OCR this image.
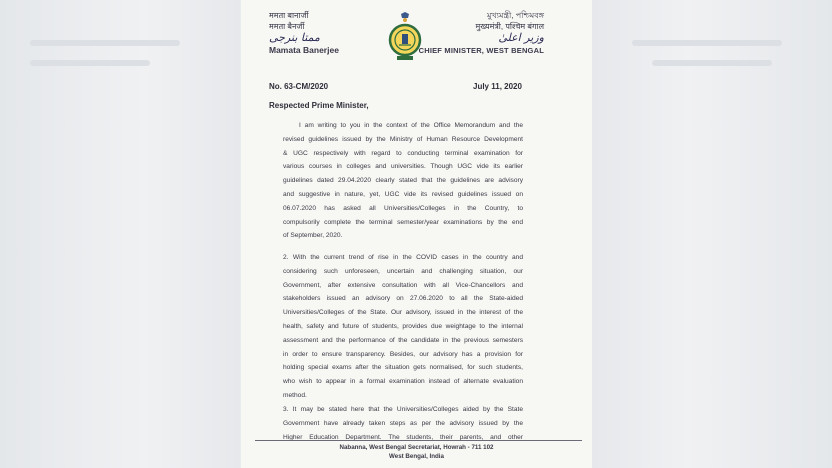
ममता बानार्जी
ममता बैनर्जी
ممتا بنرجی
Mamata Banerjee
মুখ্যমন্ত্রী, পশ্চিমবঙ্গ
मुख्यमंत्री, पश्चिम बंगाल
وزیر اعلیٰ
CHIEF MINISTER, WEST BENGAL
No. 63-CM/2020	July 11, 2020
Respected Prime Minister,
I am writing to you in the context of the Office Memorandum and the
revised guidelines issued by the Ministry of Human Resource Development
& UGC respectively with regard to conducting terminal examination for
various courses in colleges and universities. Though UGC vide its earlier
guidelines dated 29.04.2020 clearly stated that the guidelines are advisory
and suggestive in nature, yet, UGC vide its revised guidelines issued on
06.07.2020 has asked all Universities/Colleges in the Country, to
compulsorily complete the terminal semester/year examinations by the end
of September, 2020.
2. With the current trend of rise in the COVID cases in the country and
considering such unforeseen, uncertain and challenging situation, our
Government, after extensive consultation with all Vice-Chancellors and
stakeholders issued an advisory on 27.06.2020 to all the State-aided
Universities/Colleges of the State. Our advisory, issued in the interest of the
health, safety and future of students, provides due weightage to the internal
assessment and the performance of the candidate in the previous semesters
in order to ensure transparency. Besides, our advisory has a provision for
holding special exams after the situation gets normalised, for such students,
who wish to appear in a formal examination instead of alternate evaluation
method.
3. It may be stated here that the Universities/Colleges aided by the State
Government have already taken steps as per the advisory issued by the
Higher Education Department. The students, their parents, and other
Nabanna, West Bengal Secretariat, Howrah - 711 102
West Bengal, India
